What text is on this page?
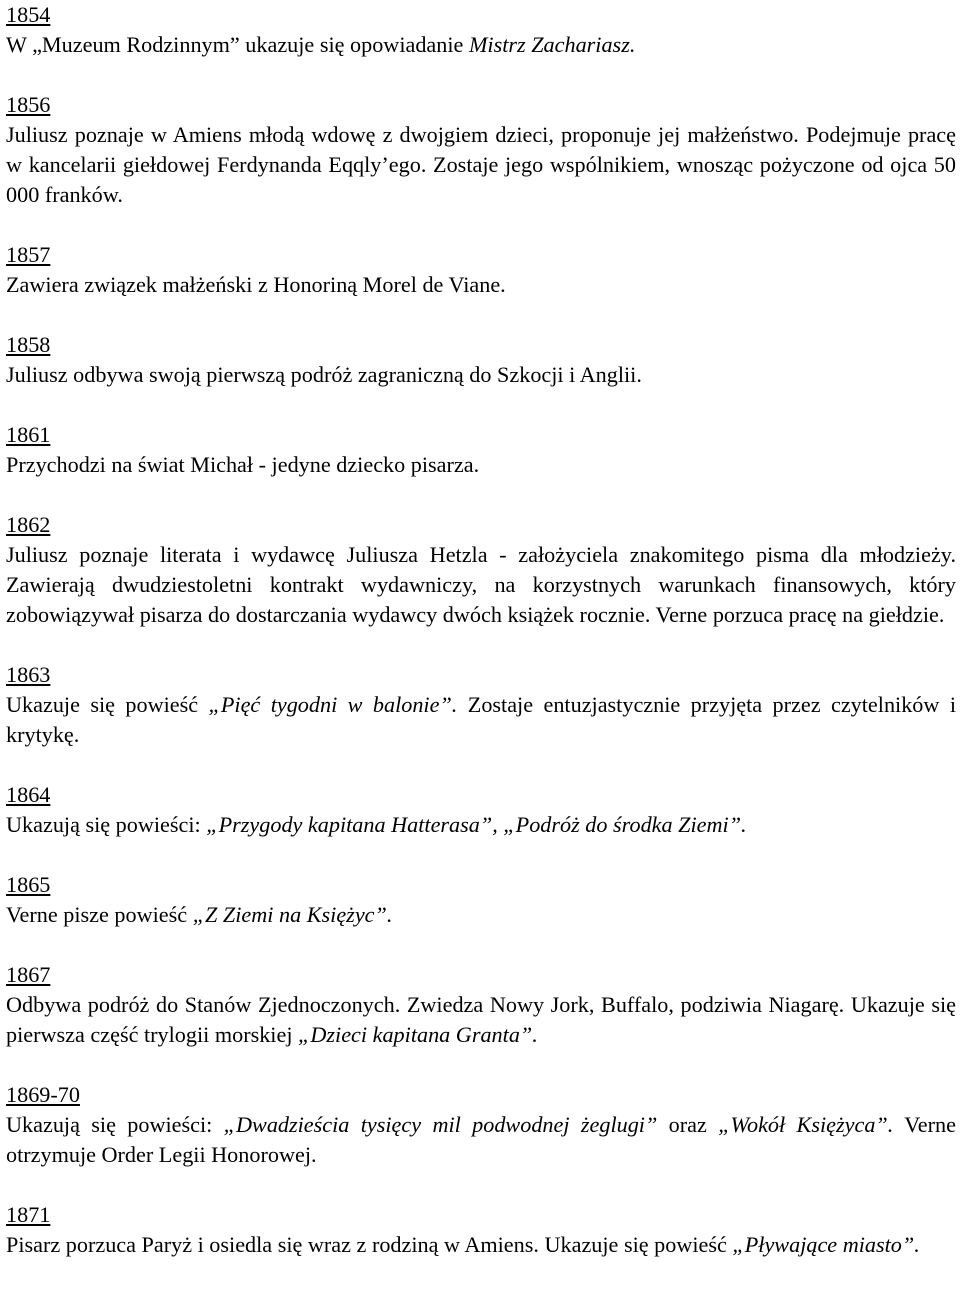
1854
W „Muzeum Rodzinnym” ukazuje się opowiadanie Mistrz Zachariasz.
1856
Juliusz poznaje w Amiens młodą wdowę z dwojgiem dzieci, proponuje jej małżeństwo. Podejmuje pracę w kancelarii giełdowej Ferdynanda Eqqly’ego. Zostaje jego wspólnikiem, wnosząc pożyczone od ojca 50 000 franków.
1857
Zawiera związek małżeński z Honoriną Morel de Viane.
1858
Juliusz odbywa swoją pierwszą podróż zagraniczną do Szkocji i Anglii.
1861
Przychodzi na świat Michał - jedyne dziecko pisarza.
1862
Juliusz poznaje literata i wydawcę Juliusza Hetzla - założyciela znakomitego pisma dla młodzieży. Zawierają dwudziestoletni kontrakt wydawniczy, na korzystnych warunkach finansowych, który zobowiązywał pisarza do dostarczania wydawcy dwóch książek rocznie. Verne porzuca pracę na giełdzie.
1863
Ukazuje się powieść „Pięć tygodni w balonie”. Zostaje entuzjastycznie przyjęta przez czytelników i krytykę.
1864
Ukazują się powieści: „Przygody kapitana Hatterasa”, „Podróż do środka Ziemi”.
1865
Verne pisze powieść „Z Ziemi na Księżyc”.
1867
Odbywa podróż do Stanów Zjednoczonych. Zwiedza Nowy Jork, Buffalo, podziwia Niagarę. Ukazuje się pierwsza część trylogii morskiej „Dzieci kapitana Granta”.
1869-70
Ukazują się powieści: „Dwadzieścia tysięcy mil podwodnej żeglugi” oraz „Wokół Księżyca”. Verne otrzymuje Order Legii Honorowej.
1871
Pisarz porzuca Paryż i osiedla się wraz z rodziną w Amiens. Ukazuje się powieść „Pływające miasto”.
